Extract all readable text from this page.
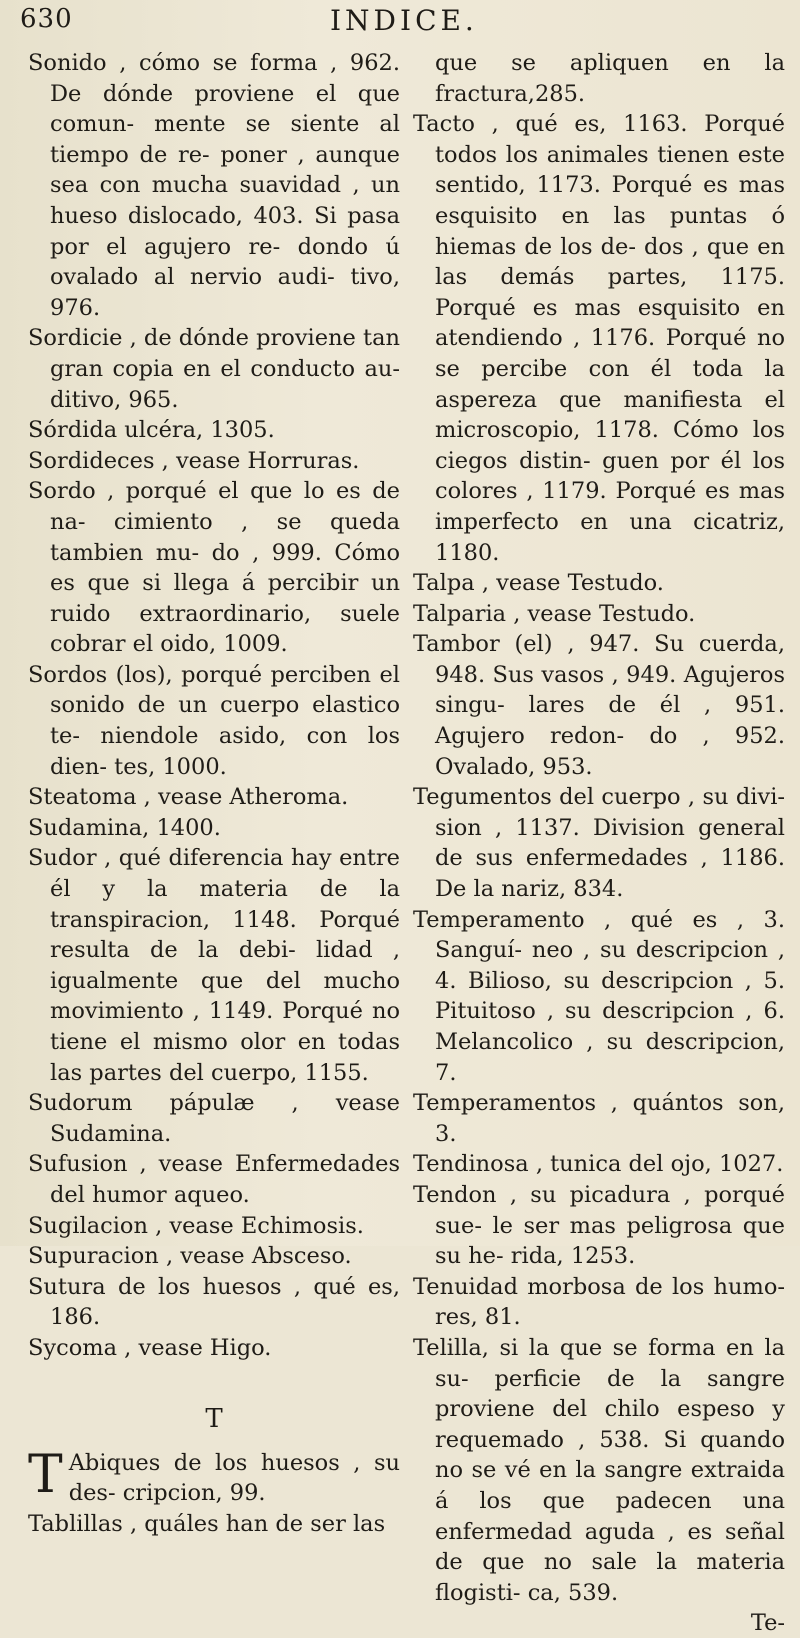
630	INDICE.

Sonido , cómo se forma , 962. De dónde proviene el que comun- mente se siente al tiempo de re- poner , aunque sea con mucha suavidad , un hueso dislocado, 403. Si pasa por el agujero re- dondo ú ovalado al nervio audi- tivo, 976.

Sordicie , de dónde proviene tan gran copia en el conducto au- ditivo, 965.

Sórdida ulcéra, 1305.

Sordideces , vease Horruras.

Sordo , porqué el que lo es de na- cimiento , se queda tambien mu- do , 999. Cómo es que si llega á percibir un ruido extraordinario, suele cobrar el oido, 1009.

Sordos (los), porqué perciben el sonido de un cuerpo elastico te- niendole asido, con los dien- tes, 1000.

Steatoma , vease Atheroma.

Sudamina, 1400.

Sudor , qué diferencia hay entre él y la materia de la transpiracion, 1148. Porqué resulta de la debi- lidad , igualmente que del mucho movimiento , 1149. Porqué no tiene el mismo olor en todas las partes del cuerpo, 1155.

Sudorum pápulæ , vease Sudamina.

Sufusion , vease Enfermedades del humor aqueo.

Sugilacion , vease Echimosis.

Supuracion , vease Absceso.

Sutura de los huesos , qué es, 186.

Sycoma , vease Higo.

T

T Abiques de los huesos , su des- cripcion, 99.

Tablillas , quáles han de ser las

que se apliquen en la fractura,285.

Tacto , qué es, 1163. Porqué todos los animales tienen este sentido, 1173. Porqué es mas esquisito en las puntas ó hiemas de los de- dos , que en las demás partes, 1175. Porqué es mas esquisito en atendiendo , 1176. Porqué no se percibe con él toda la aspereza que manifiesta el microscopio, 1178. Cómo los ciegos distin- guen por él los colores , 1179. Porqué es mas imperfecto en una cicatriz, 1180.

Talpa , vease Testudo.

Talparia , vease Testudo.

Tambor (el) , 947. Su cuerda, 948. Sus vasos , 949. Agujeros singu- lares de él , 951. Agujero redon- do , 952. Ovalado, 953.

Tegumentos del cuerpo , su divi- sion , 1137. Division general de sus enfermedades , 1186. De la nariz, 834.

Temperamento , qué es , 3. Sanguí- neo , su descripcion , 4. Bilioso, su descripcion , 5. Pituitoso , su descripcion , 6. Melancolico , su descripcion, 7.

Temperamentos , quántos son, 3.

Tendinosa , tunica del ojo, 1027.

Tendon , su picadura , porqué sue- le ser mas peligrosa que su he- rida, 1253.

Tenuidad morbosa de los humo- res, 81.

Telilla, si la que se forma en la su- perficie de la sangre proviene del chilo espeso y requemado , 538. Si quando no se vé en la sangre extraida á los que padecen una enfermedad aguda , es señal de que no sale la materia flogisti- ca, 539.

Te-
